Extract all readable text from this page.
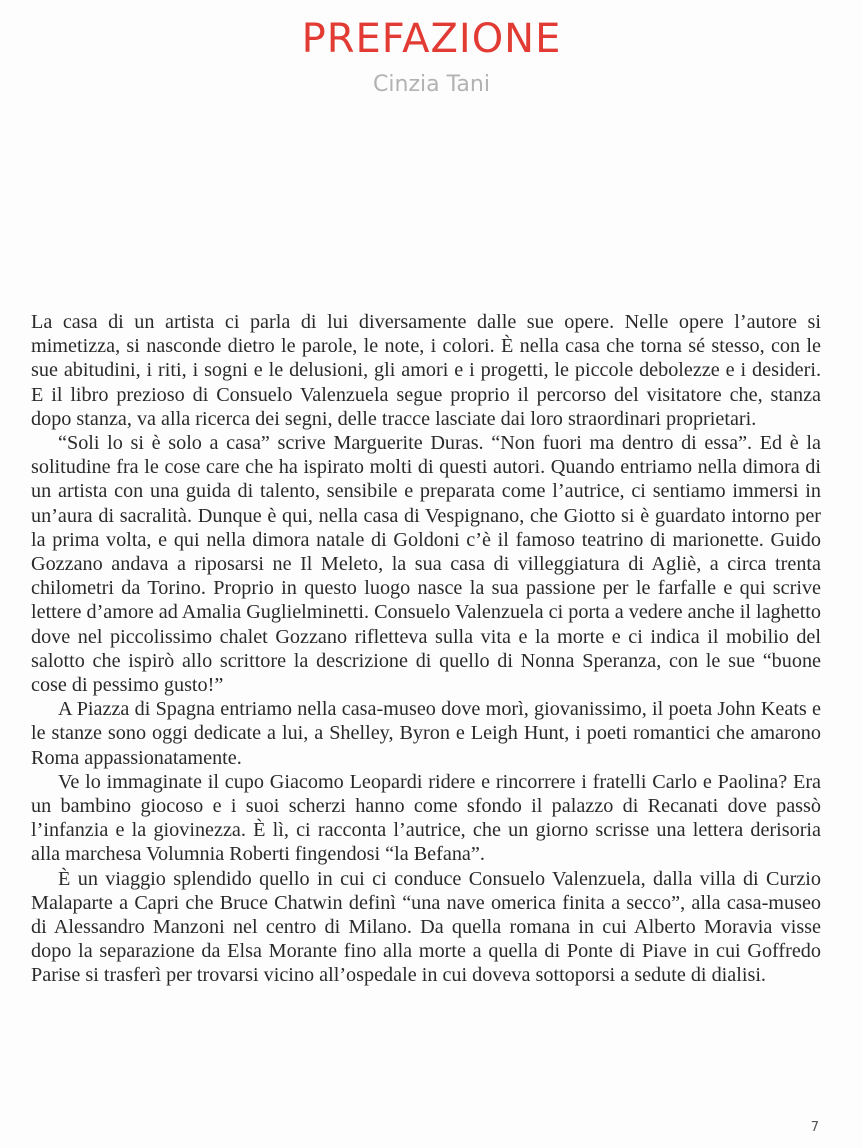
PREFAZIONE
Cinzia Tani

La casa di un artista ci parla di lui diversamente dalle sue opere. Nelle opere l’autore si mimetizza, si nasconde dietro le parole, le note, i colori. È nella casa che torna sé stesso, con le sue abitudini, i riti, i sogni e le delusioni, gli amori e i progetti, le piccole debolezze e i desideri. E il libro prezioso di Consuelo Valenzuela segue proprio il percorso del visitatore che, stanza dopo stanza, va alla ricerca dei segni, delle tracce lasciate dai loro straordinari proprietari.

“Soli lo si è solo a casa” scrive Marguerite Duras. “Non fuori ma dentro di essa”. Ed è la solitudine fra le cose care che ha ispirato molti di questi autori. Quando entriamo nella dimora di un artista con una guida di talento, sensibile e preparata come l’autrice, ci sentiamo immersi in un’aura di sacralità. Dunque è qui, nella casa di Vespignano, che Giotto si è guardato intorno per la prima volta, e qui nella dimora natale di Goldoni c’è il famoso teatrino di marionette. Guido Gozzano andava a riposarsi ne Il Meleto, la sua casa di villeggiatura di Agliè, a circa trenta chilometri da Torino. Proprio in questo luogo nasce la sua passione per le farfalle e qui scrive lettere d’amore ad Amalia Guglielminetti. Consuelo Valenzuela ci porta a vedere anche il laghetto dove nel piccolissimo chalet Gozzano rifletteva sulla vita e la morte e ci indica il mobilio del salotto che ispirò allo scrittore la descrizione di quello di Nonna Speranza, con le sue “buone cose di pessimo gusto!”

A Piazza di Spagna entriamo nella casa-museo dove morì, giovanissimo, il poeta John Keats e le stanze sono oggi dedicate a lui, a Shelley, Byron e Leigh Hunt, i poeti romantici che amarono Roma appassionatamente.

Ve lo immaginate il cupo Giacomo Leopardi ridere e rincorrere i fratelli Carlo e Paolina? Era un bambino giocoso e i suoi scherzi hanno come sfondo il palazzo di Recanati dove passò l’infanzia e la giovinezza. È lì, ci racconta l’autrice, che un giorno scrisse una lettera derisoria alla marchesa Volumnia Roberti fingendosi “la Befana”.

È un viaggio splendido quello in cui ci conduce Consuelo Valenzuela, dalla villa di Curzio Malaparte a Capri che Bruce Chatwin definì “una nave omerica finita a secco”, alla casa-museo di Alessandro Manzoni nel centro di Milano. Da quella romana in cui Alberto Moravia visse dopo la separazione da Elsa Morante fino alla morte a quella di Ponte di Piave in cui Goffredo Parise si trasferì per trovarsi vicino all’ospedale in cui doveva sottoporsi a sedute di dialisi.

7
